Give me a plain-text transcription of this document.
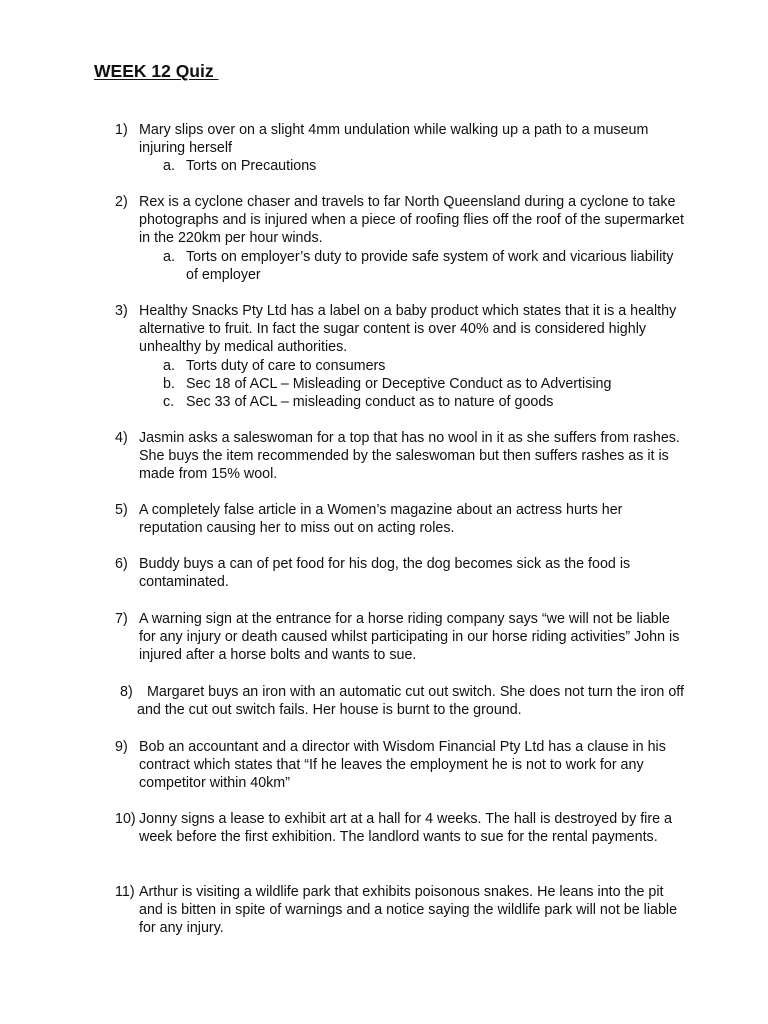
WEEK 12 Quiz
1) Mary slips over on a slight 4mm undulation while walking up a path to a museum injuring herself
a. Torts on Precautions
2) Rex is a cyclone chaser and travels to far North Queensland during a cyclone to take photographs and is injured when a piece of roofing flies off the roof of the supermarket in the 220km per hour winds.
a. Torts on employer’s duty to provide safe system of work and vicarious liability of employer
3) Healthy Snacks Pty Ltd has a label on a baby product which states that it is a healthy alternative to fruit. In fact the sugar content is over 40% and is considered highly unhealthy by medical authorities.
a. Torts duty of care to consumers
b. Sec 18 of ACL – Misleading or Deceptive Conduct as to Advertising
c. Sec 33 of ACL – misleading conduct as to nature of goods
4) Jasmin asks a saleswoman for a top that has no wool in it as she suffers from rashes. She buys the item recommended by the saleswoman but then suffers rashes as it is made from 15% wool.
5) A completely false article in a Women’s magazine about an actress hurts her reputation causing her to miss out on acting roles.
6) Buddy buys a can of pet food for his dog, the dog becomes sick as the food is contaminated.
7) A warning sign at the entrance for a horse riding company says “we will not be liable for any injury or death caused whilst participating in our horse riding activities” John is injured after a horse bolts and wants to sue.
8) Margaret buys an iron with an automatic cut out switch. She does not turn the iron off and the cut out switch fails. Her house is burnt to the ground.
9) Bob an accountant and a director with Wisdom Financial Pty Ltd has a clause in his contract which states that “If he leaves the employment he is not to work for any competitor within 40km”
10) Jonny signs a lease to exhibit art at a hall for 4 weeks. The hall is destroyed by fire a week before the first exhibition. The landlord wants to sue for the rental payments.
11) Arthur is visiting a wildlife park that exhibits poisonous snakes. He leans into the pit and is bitten in spite of warnings and a notice saying the wildlife park will not be liable for any injury.
